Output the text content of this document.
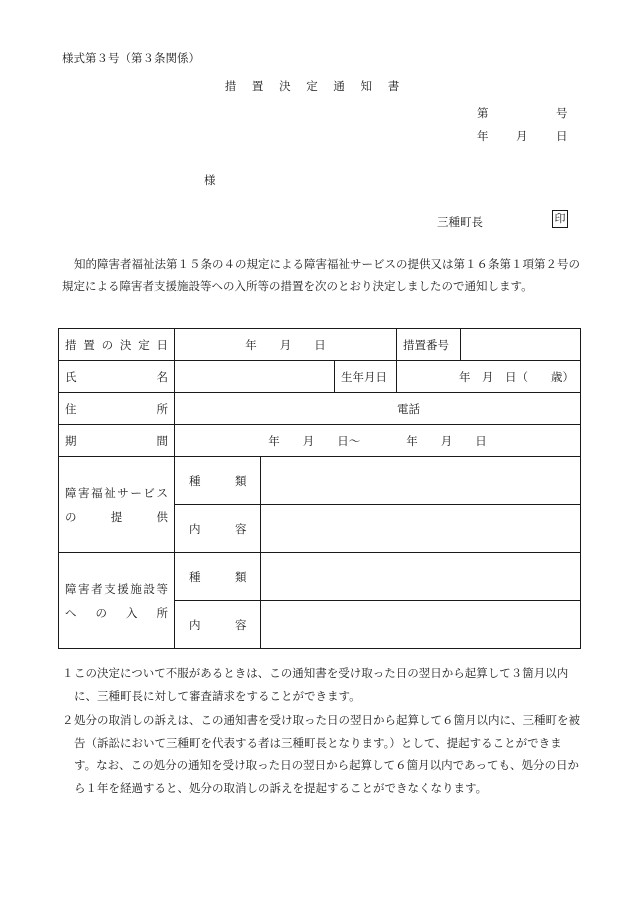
様式第３号（第３条関係）
措 置 決 定 通 知 書
第	号
年 月 日
様
三種町長	印
知的障害者福祉法第１５条の４の規定による障害福祉サービスの提供又は第１６条第１項第２号の規定による障害者支援施設等への入所等の措置を次のとおり決定しましたので通知します。
措 置 の 決 定 日	年　　月　　日			措置番号	
氏　　　　　名			生年月日	年　月　日（　　歳）	
住　　　　　所	電話				
期　　　　　間	年　　月　　日〜　　　　年　　月　　日				
障害福祉サービスの　　提　　供	種　　　類				
	内　　　容				
障害者支援施設等へ　の　入　所	種　　　類				
	内　　　容				
１ この決定について不服があるときは、この通知書を受け取った日の翌日から起算して３箇月以内に、三種町長に対して審査請求をすることができます。
２ 処分の取消しの訴えは、この通知書を受け取った日の翌日から起算して６箇月以内に、三種町を被告（訴訟において三種町を代表する者は三種町長となります。）として、提起することができます。なお、この処分の通知を受け取った日の翌日から起算して６箇月以内であっても、処分の日から１年を経過すると、処分の取消しの訴えを提起することができなくなります。
